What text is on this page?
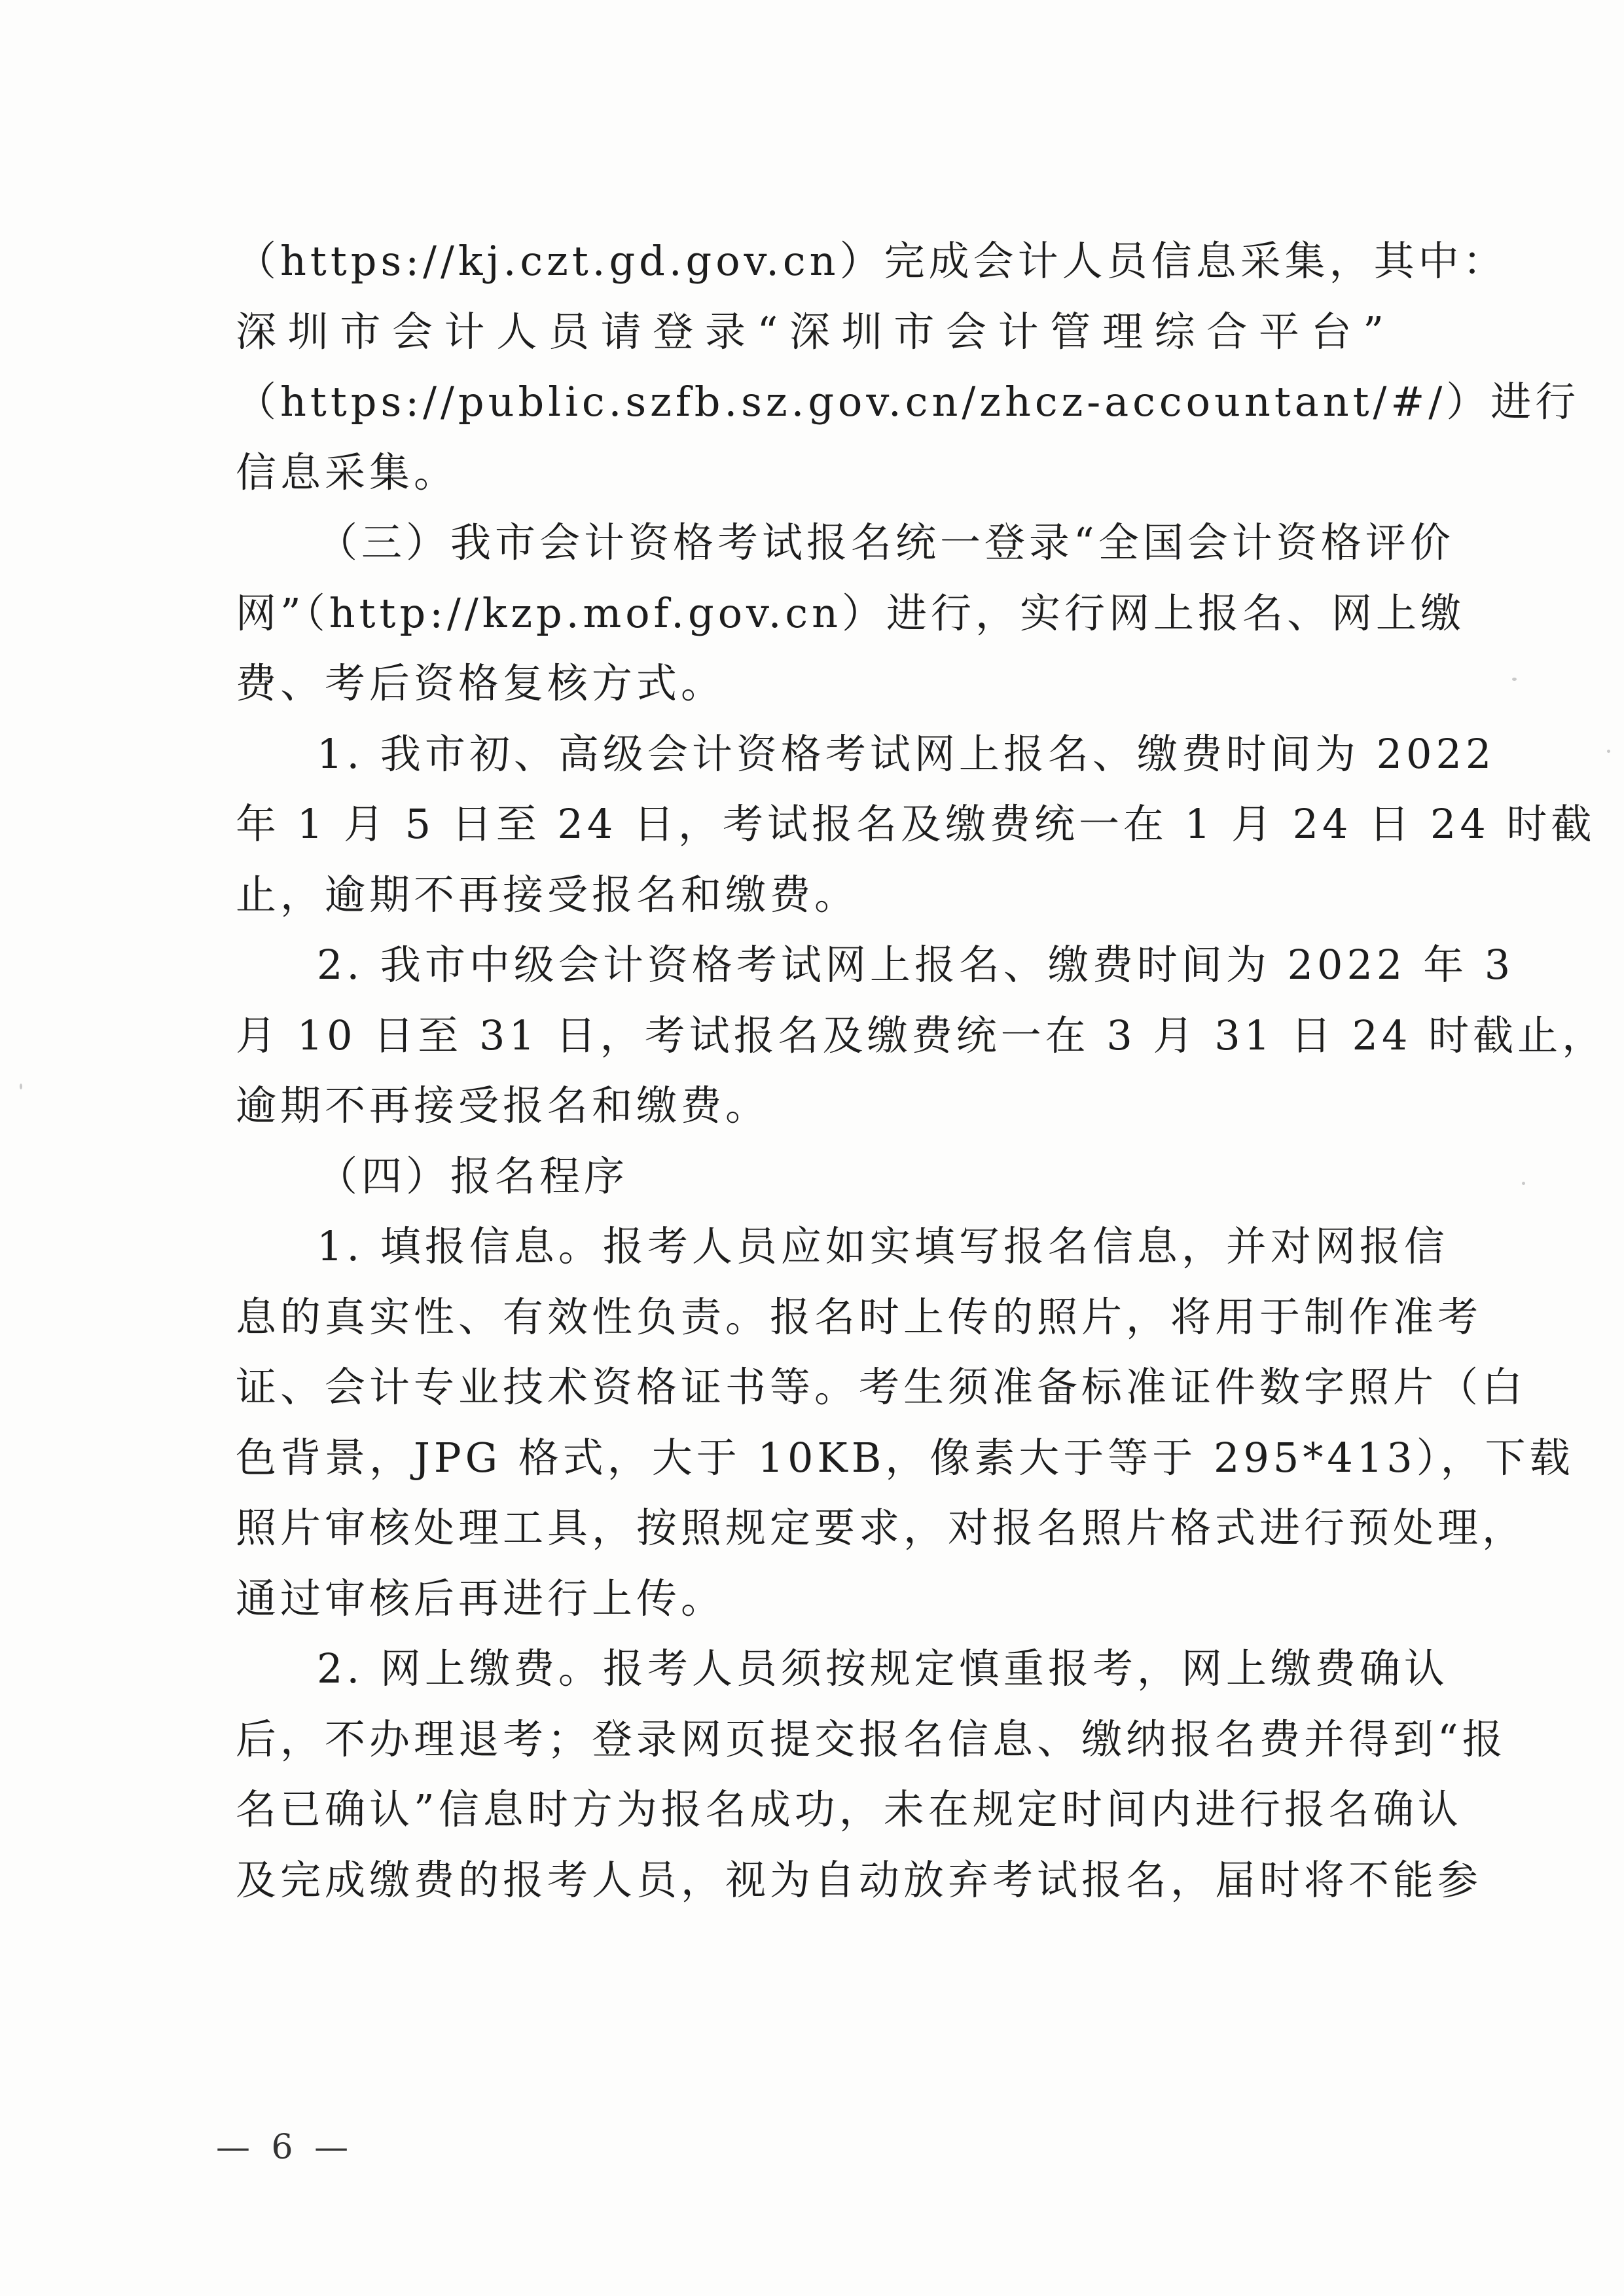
（https://kj.czt.gd.gov.cn）完成会计人员信息采集，其中：
深圳市会计人员请登录“深圳市会计管理综合平台”
（https://public.szfb.sz.gov.cn/zhcz-accountant/#/）进行
信息采集。
（三）我市会计资格考试报名统一登录“全国会计资格评价
网”（http://kzp.mof.gov.cn）进行，实行网上报名、网上缴
费、考后资格复核方式。
1. 我市初、高级会计资格考试网上报名、缴费时间为 2022
年 1 月 5 日至 24 日，考试报名及缴费统一在 1 月 24 日 24 时截
止，逾期不再接受报名和缴费。
2. 我市中级会计资格考试网上报名、缴费时间为 2022 年 3
月 10 日至 31 日，考试报名及缴费统一在 3 月 31 日 24 时截止，
逾期不再接受报名和缴费。
（四）报名程序
1. 填报信息。报考人员应如实填写报名信息，并对网报信
息的真实性、有效性负责。报名时上传的照片，将用于制作准考
证、会计专业技术资格证书等。考生须准备标准证件数字照片（白
色背景，JPG 格式，大于 10KB，像素大于等于 295*413），下载
照片审核处理工具，按照规定要求，对报名照片格式进行预处理，
通过审核后再进行上传。
2. 网上缴费。报考人员须按规定慎重报考，网上缴费确认
后，不办理退考；登录网页提交报名信息、缴纳报名费并得到“报
名已确认”信息时方为报名成功，未在规定时间内进行报名确认
及完成缴费的报考人员，视为自动放弃考试报名，届时将不能参
— 6 —
